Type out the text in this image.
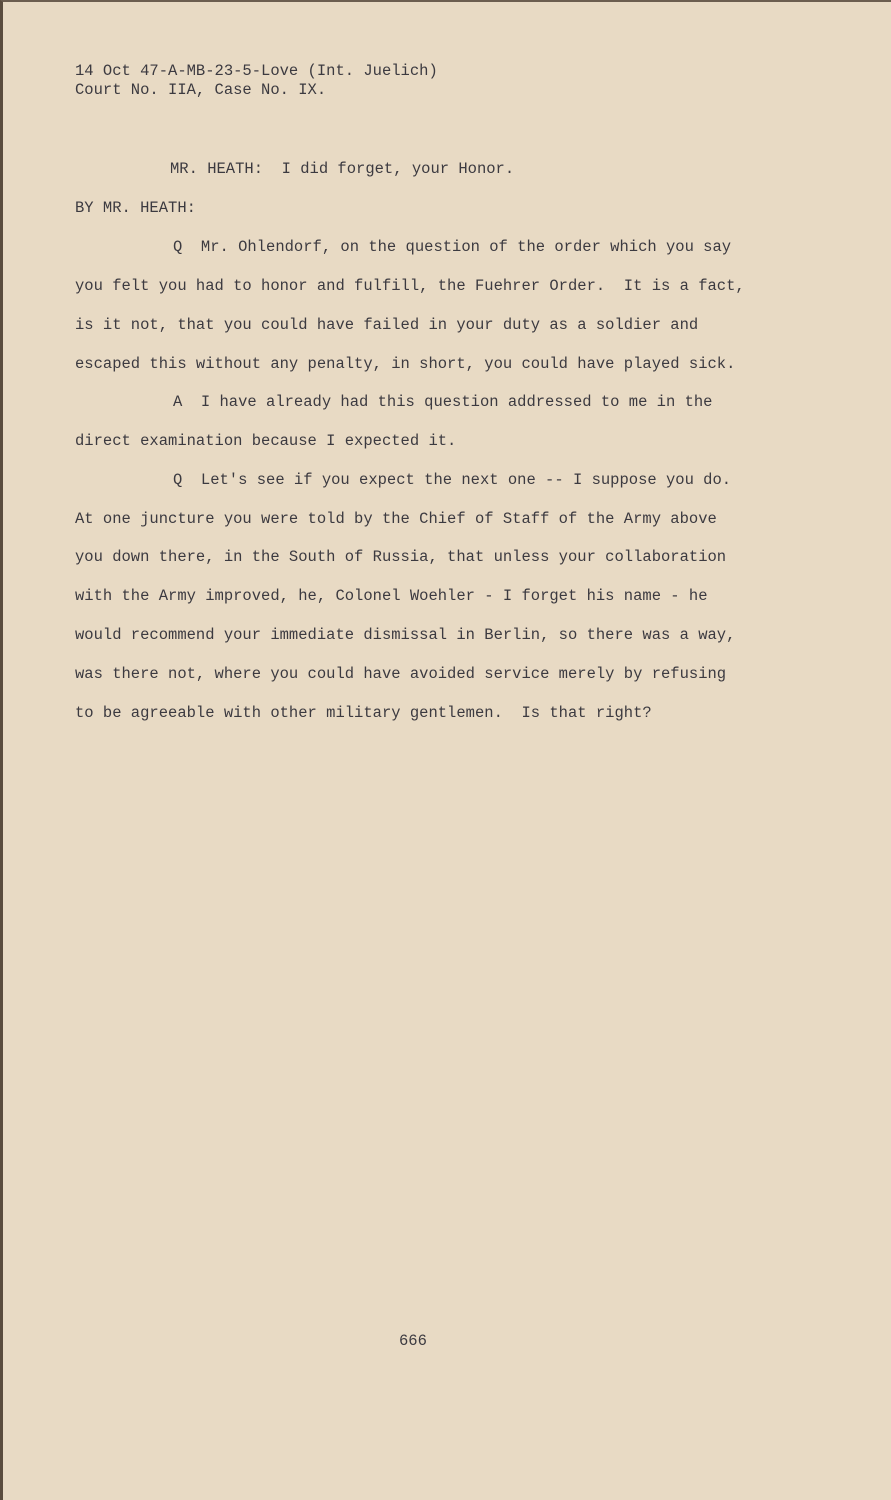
14 Oct 47-A-MB-23-5-Love (Int. Juelich)
Court No. IIA, Case No. IX.
MR. HEATH:  I did forget, your Honor.
BY MR. HEATH:
Q  Mr. Ohlendorf, on the question of the order which you say
you felt you had to honor and fulfill, the Fuehrer Order.  It is a fact,
is it not, that you could have failed in your duty as a soldier and
escaped this without any penalty, in short, you could have played sick.
A  I have already had this question addressed to me in the
direct examination because I expected it.
Q  Let's see if you expect the next one -- I suppose you do.
At one juncture you were told by the Chief of Staff of the Army above
you down there, in the South of Russia, that unless your collaboration
with the Army improved, he, Colonel Woehler - I forget his name - he
would recommend your immediate dismissal in Berlin, so there was a way,
was there not, where you could have avoided service merely by refusing
to be agreeable with other military gentlemen.  Is that right?
666
